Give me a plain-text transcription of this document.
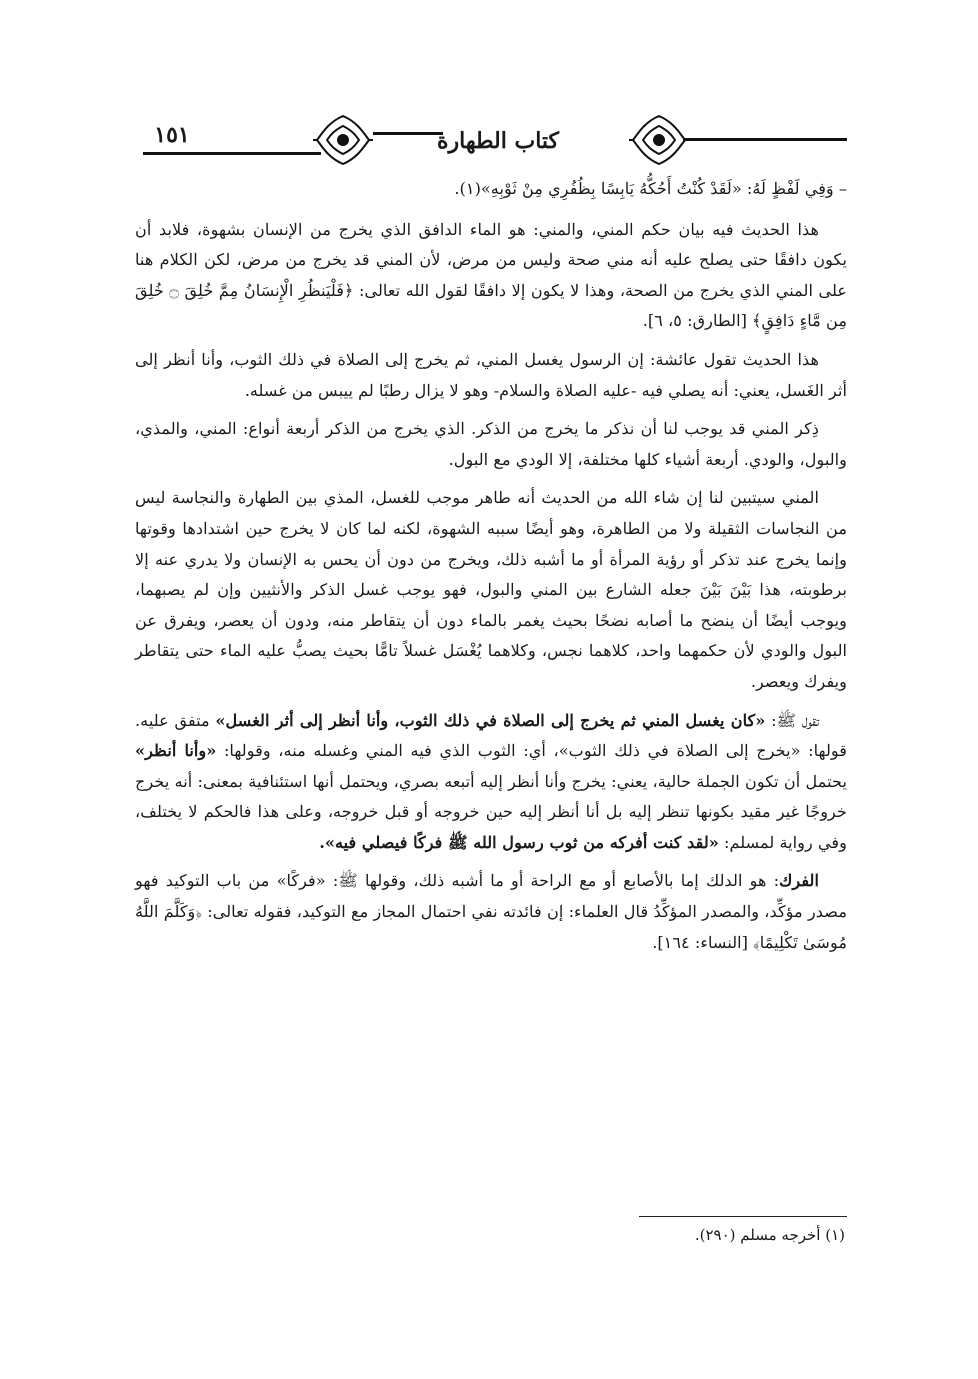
١٥١	كتاب الطهارة

– وَفِي لَفْظٍ لَهُ: «لَقَدْ كُنْتُ أَحُكُّهُ يَابِسًا بِظُفُرِي مِنْ ثَوْبِهِ»(١).

هذا الحديث فيه بيان حكم المني، والمني: هو الماء الدافق الذي يخرج من الإنسان بشهوة، فلابد أن يكون دافقًا حتى يصلح عليه أنه مني صحة وليس من مرض، لأن المني قد يخرج من مرض، لكن الكلام هنا على المني الذي يخرج من الصحة، وهذا لا يكون إلا دافقًا لقول الله تعالى: ﴿فَلْيَنظُرِ الْإِنسَانُ مِمَّ خُلِقَ ۝ خُلِقَ مِن مَّاءٍ دَافِقٍ﴾ [الطارق: ٥، ٦].

هذا الحديث تقول عائشة: إن الرسول يغسل المني، ثم يخرج إلى الصلاة في ذلك الثوب، وأنا أنظر إلى أثر الغَسل، يعني: أنه يصلي فيه -عليه الصلاة والسلام- وهو لا يزال رطبًا لم ييبس من غسله.

ذِكر المني قد يوجب لنا أن نذكر ما يخرج من الذكر. الذي يخرج من الذكر أربعة أنواع: المني، والمذي، والبول، والودي. أربعة أشياء كلها مختلفة، إلا الودي مع البول.

المني سيتبين لنا إن شاء الله من الحديث أنه طاهر موجب للغسل، المذي بين الطهارة والنجاسة ليس من النجاسات الثقيلة ولا من الطاهرة، وهو أيضًا سببه الشهوة، لكنه لما كان لا يخرج حين اشتدادها وقوتها وإنما يخرج عند تذكر أو رؤية المرأة أو ما أشبه ذلك، ويخرج من دون أن يحس به الإنسان ولا يدري عنه إلا برطوبته، هذا بَيْنَ بَيْنَ جعله الشارع بين المني والبول، فهو يوجب غسل الذكر والأنثيين وإن لم يصبهما، ويوجب أيضًا أن ينضح ما أصابه نضحًا بحيث يغمر بالماء دون أن يتقاطر منه، ودون أن يعصر، ويفرق عن البول والودي لأن حكمهما واحد، كلاهما نجس، وكلاهما يُغْسَل غسلاً تامًّا بحيث يصبُّ عليه الماء حتى يتقاطر ويفرك ويعصر.

تقول ﷺ: «كان يغسل المني ثم يخرج إلى الصلاة في ذلك الثوب، وأنا أنظر إلى أثر الغسل» متفق عليه. قولها: «يخرج إلى الصلاة في ذلك الثوب»، أي: الثوب الذي فيه المني وغسله منه، وقولها: «وأنا أنظر» يحتمل أن تكون الجملة حالية، يعني: يخرج وأنا أنظر إليه أتبعه بصري، ويحتمل أنها استئنافية بمعنى: أنه يخرج خروجًا غير مقيد بكونها تنظر إليه بل أنا أنظر إليه حين خروجه أو قبل خروجه، وعلى هذا فالحكم لا يختلف، وفي رواية لمسلم: «لقد كنت أفركه من ثوب رسول الله ﷺ فركًا فيصلي فيه».

الفرك: هو الدلك إما بالأصابع أو مع الراحة أو ما أشبه ذلك، وقولها ﷺ: «فركًا» من باب التوكيد فهو مصدر مؤكِّد، والمصدر المؤكِّدُ قال العلماء: إن فائدته نفي احتمال المجاز مع التوكيد، فقوله تعالى: ﴿وَكَلَّمَ اللَّهُ مُوسَىٰ تَكْلِيمًا﴾ [النساء: ١٦٤].

(١) أخرجه مسلم (٢٩٠).
